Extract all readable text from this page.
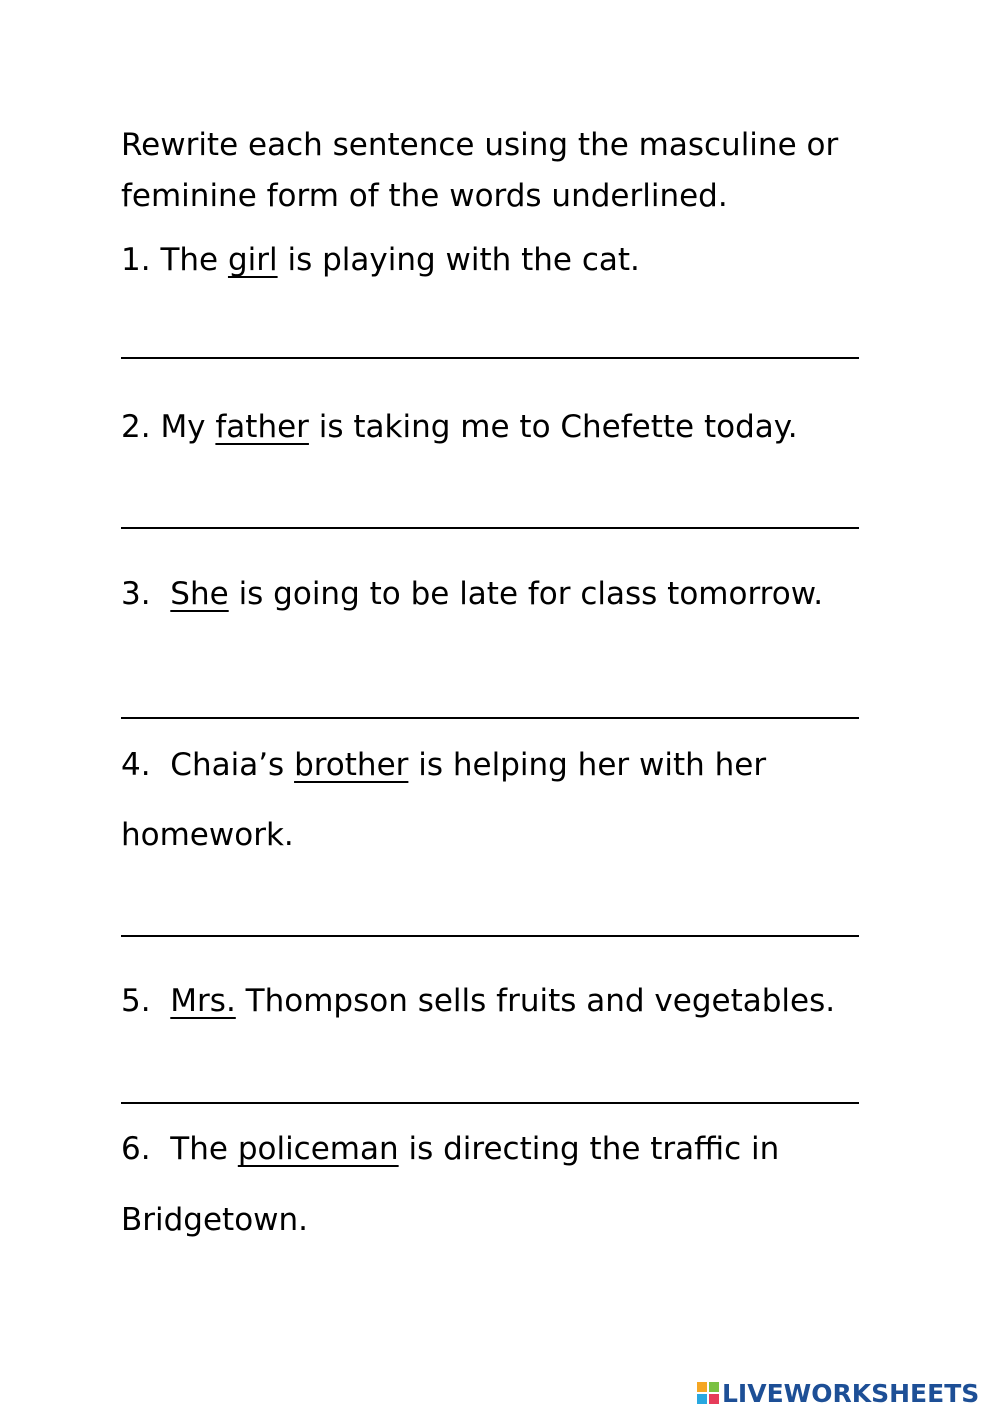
Rewrite each sentence using the masculine or
feminine form of the words underlined.
1. The girl is playing with the cat.
2. My father is taking me to Chefette today.
3. She is going to be late for class tomorrow.
4. Chaia’s brother is helping her with her
homework.
5. Mrs. Thompson sells fruits and vegetables.
6. The policeman is directing the traffic in
Bridgetown.
LIVEWORKSHEETS
